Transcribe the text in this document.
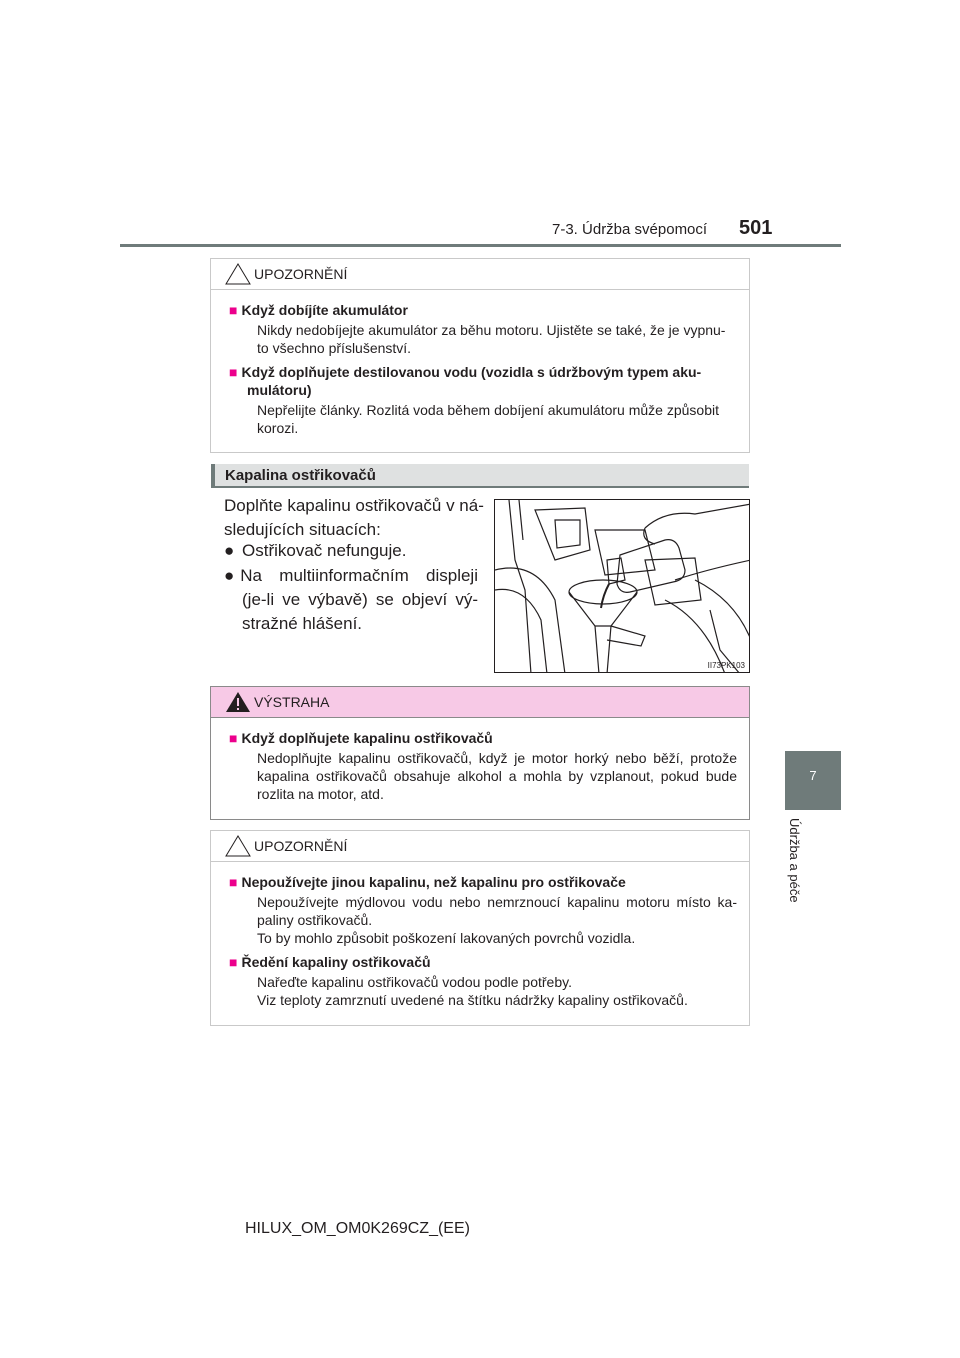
7-3. Údržba svépomocí 501
7
Údržba a péče
UPOZORNĚNÍ
■ Když dobíjíte akumulátor
Nikdy nedobíjejte akumulátor za běhu motoru. Ujistěte se také, že je vypnu-
to všechno příslušenství.
■ Když doplňujete destilovanou vodu (vozidla s údržbovým typem aku-
mulátoru)
Nepřelijte články. Rozlitá voda během dobíjení akumulátoru může způsobit
korozi.
Kapalina ostřikovačů
Doplňte kapalinu ostřikovačů v ná-
sledujících situacích:
● Ostřikovač nefunguje.
● Na multiinformačním displeji
(je-li ve výbavě) se objeví vý-
stražné hlášení.
II73PK103
VÝSTRAHA
■ Když doplňujete kapalinu ostřikovačů
Nedoplňujte kapalinu ostřikovačů, když je motor horký nebo běží, protože
kapalina ostřikovačů obsahuje alkohol a mohla by vzplanout, pokud bude
rozlita na motor, atd.
UPOZORNĚNÍ
■ Nepoužívejte jinou kapalinu, než kapalinu pro ostřikovače
Nepoužívejte mýdlovou vodu nebo nemrznoucí kapalinu motoru místo ka-
paliny ostřikovačů.
To by mohlo způsobit poškození lakovaných povrchů vozidla.
■ Ředění kapaliny ostřikovačů
Nařeďte kapalinu ostřikovačů vodou podle potřeby.
Viz teploty zamrznutí uvedené na štítku nádržky kapaliny ostřikovačů.
HILUX_OM_OM0K269CZ_(EE)
